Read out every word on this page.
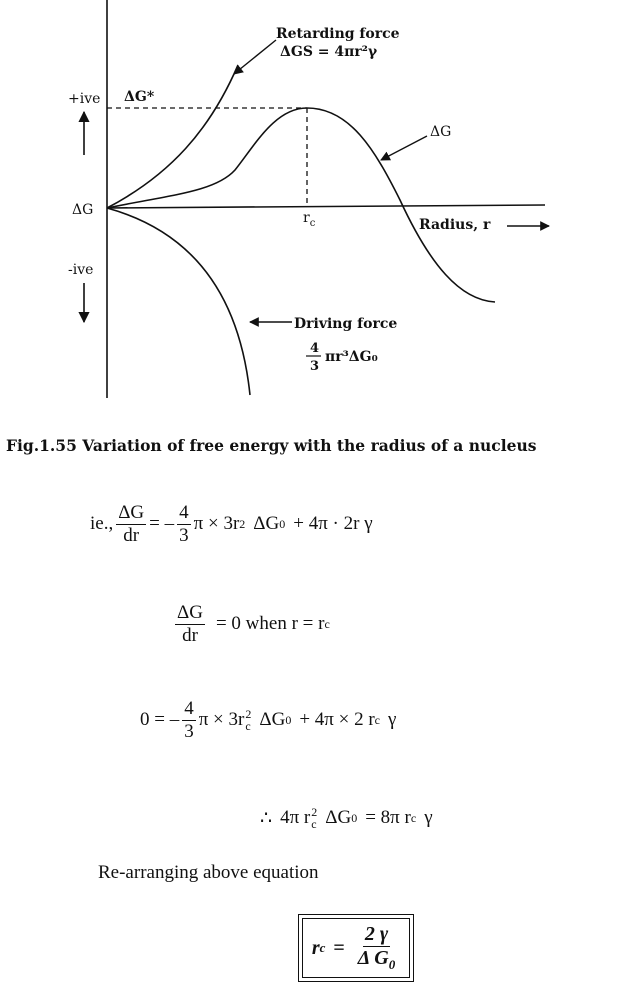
+ive
-ive
ΔG
ΔG*
$r_c$	Radius, r
Retarding force
ΔGS = 4πr²γ
ΔG
Driving force
4
3
πr³ΔG₀
Fig.1.55 Variation of free energy with the radius of a nucleus
ie., $\frac{\Delta G}{dr}$ = – $\frac{4}{3}$ π × 3r 2 ΔG 0 + 4π · 2r γ
$\frac{\Delta G}{dr} = 0$ when r = r c
0 = – $\frac{4}{3}$ π × 3r 2
c ΔG 0 + 4π × 2 r c γ
∴ 4π r 2
c ΔG 0 = 8π r c γ
Re-arranging above equation
r $c = \frac{2 \gamma}{\Delta G_0}$
